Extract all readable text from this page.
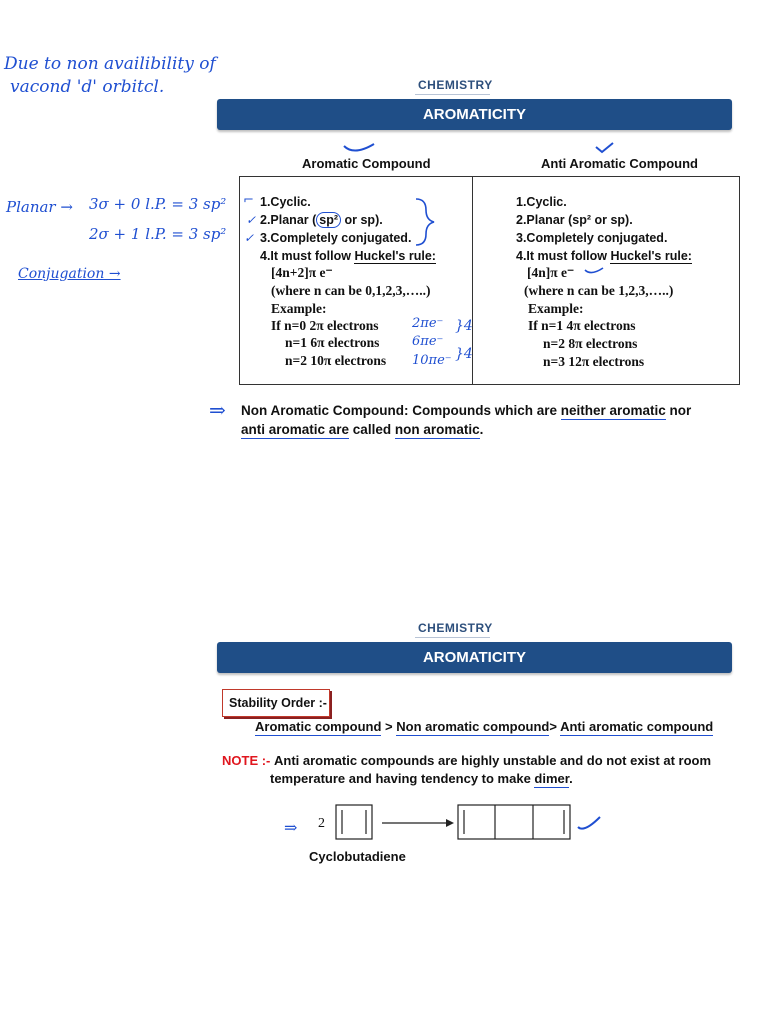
Due to non availibility of
vacond 'd' orbitcl.	CHEMISTRY
AROMATICITY
Aromatic Compound	Anti Aromatic Compound
1.Cyclic.
2.Planar ( sp² or sp).
3.Completely conjugated.
4.It must follow Huckel's rule:
[4n+2]π e⁻
(where n can be 0,1,2,3,…..)
Example:
If n=0 2π electrons
n=1 6π electrons
n=2 10π electrons
⌐
✓
✓
2πe⁻
6πe⁻
10πe⁻
}4
}4
1.Cyclic.
2.Planar (sp² or sp).
3.Completely conjugated.
4.It must follow Huckel's rule:
[4n]π e⁻
(where n can be 1,2,3,…..)
Example:
If n=1 4π electrons
n=2 8π electrons
n=3 12π electrons
Planar → 3σ + 0 l.P. = 3 sp²
2σ + 1 l.P. = 3 sp²
Conjugation →
⇒ Non Aromatic Compound: Compounds which are neither aromatic nor
anti aromatic are called non aromatic.
CHEMISTRY
AROMATICITY
Stability Order :-
Aromatic compound > Non aromatic compound> Anti aromatic compound
NOTE :- Anti aromatic compounds are highly unstable and do not exist at room
temperature and having tendency to make dimer.
⇒ 2
Cyclobutadiene
